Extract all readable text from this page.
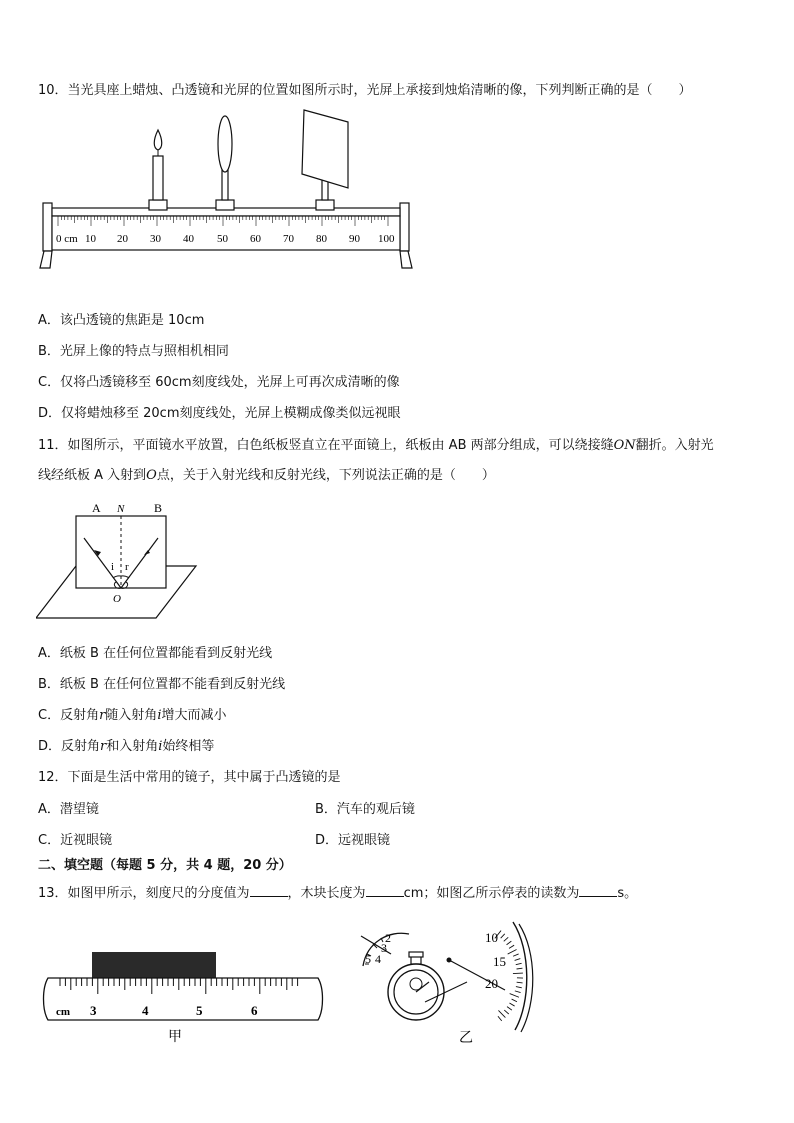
10．当光具座上蜡烛、凸透镜和光屏的位置如图所示时，光屏上承接到烛焰清晰的像，下列判断正确的是（　　）
0 cm 10 20 30 40 50 60 70 80 90 100
A．该凸透镜的焦距是 10cm
B．光屏上像的特点与照相机相同
C．仅将凸透镜移至 60cm刻度线处，光屏上可再次成清晰的像
D．仅将蜡烛移至 20cm刻度线处，光屏上模糊成像类似远视眼
11．如图所示，平面镜水平放置，白色纸板竖直立在平面镜上，纸板由 AB 两部分组成，可以绕接缝ON翻折。入射光
线经纸板 A 入射到O点，关于入射光线和反射光线，下列说法正确的是（　　）
A N B
i r
O
A．纸板 B 在任何位置都能看到反射光线
B．纸板 B 在任何位置都不能看到反射光线
C．反射角r随入射角i增大而减小
D．反射角r和入射角i始终相等
12．下面是生活中常用的镜子，其中属于凸透镜的是
A．潜望镜	B．汽车的观后镜
C．近视眼镜	D．远视眼镜
二、填空题（每题 5 分，共 4 题，20 分）
13．如图甲所示，刻度尺的分度值为	，木块长度为	cm；如图乙所示停表的读数为	s。
cm 3	4	5	6
甲
2
3
4
5
10
15
20
乙
